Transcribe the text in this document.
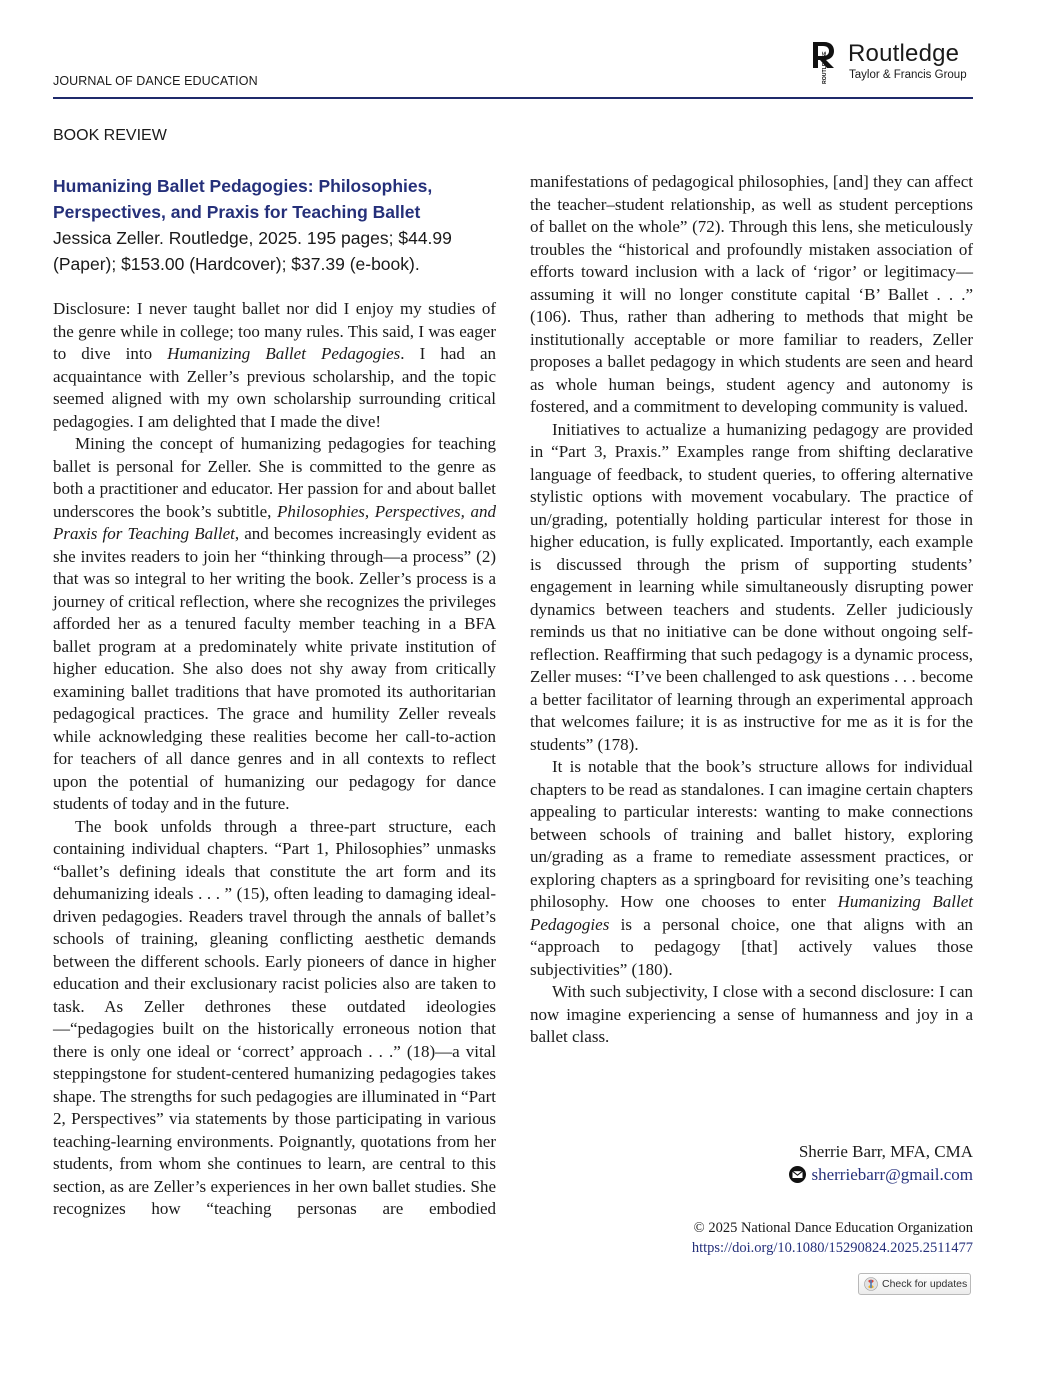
JOURNAL OF DANCE EDUCATION	ROUTLEDGE Routledge
Taylor & Francis Group
BOOK REVIEW
Humanizing Ballet Pedagogies: Philosophies,
Perspectives, and Praxis for Teaching Ballet
Jessica Zeller. Routledge, 2025. 195 pages; $44.99
(Paper); $153.00 (Hardcover); $37.39 (e-book).

Disclosure: I never taught ballet nor did I enjoy my studies of the genre while in college; too many rules. This said, I was eager to dive into Humanizing Ballet Pedagogies. I had an acquaintance with Zeller’s previous scholarship, and the topic seemed aligned with my own scholarship surrounding critical pedagogies. I am delighted that I made the dive!

Mining the concept of humanizing pedagogies for teaching ballet is personal for Zeller. She is committed to the genre as both a practitioner and educator. Her passion for and about ballet underscores the book’s subtitle, Philosophies, Perspectives, and Praxis for Teaching Ballet, and becomes increasingly evident as she invites readers to join her “thinking through—a process” (2) that was so integral to her writing the book. Zeller’s process is a journey of critical reflection, where she recognizes the privileges afforded her as a tenured faculty member teaching in a BFA ballet program at a predominately white private institution of higher education. She also does not shy away from critically examining ballet traditions that have promoted its authoritarian pedagogical practices. The grace and humility Zeller reveals while acknowledging these realities become her call-to-action for teachers of all dance genres and in all contexts to reflect upon the potential of humanizing our pedagogy for dance students of today and in the future.

The book unfolds through a three-part structure, each containing individual chapters. “Part 1, Philosophies” unmasks “ballet’s defining ideals that constitute the art form and its dehumanizing ideals . . . ” (15), often leading to damaging ideal-driven pedagogies. Readers travel through the annals of ballet’s schools of training, gleaning conflicting aesthetic demands between the different schools. Early pioneers of dance in higher education and their exclusionary racist policies also are taken to task. As Zeller dethrones these outdated ideologies—“pedagogies built on the historically erroneous notion that there is only one ideal or ‘correct’ approach . . .” (18)—a vital steppingstone for student-centered humanizing pedagogies takes shape. The strengths for such pedagogies are illuminated in “Part 2, Perspectives” via statements by those participating in various teaching-learning environments. Poignantly, quotations from her students, from whom she continues to learn, are central to this section, as are Zeller’s experiences in her own ballet studies. She recognizes how “teaching personas are embodied

manifestations of pedagogical philosophies, [and] they can affect the teacher–student relationship, as well as student perceptions of ballet on the whole” (72). Through this lens, she meticulously troubles the “historical and profoundly mistaken association of efforts toward inclusion with a lack of ‘rigor’ or legitimacy—assuming it will no longer constitute capital ‘B’ Ballet . . .” (106). Thus, rather than adhering to methods that might be institutionally acceptable or more familiar to readers, Zeller proposes a ballet pedagogy in which students are seen and heard as whole human beings, student agency and autonomy is fostered, and a commitment to developing community is valued.

Initiatives to actualize a humanizing pedagogy are provided in “Part 3, Praxis.” Examples range from shifting declarative language of feedback, to student queries, to offering alternative stylistic options with movement vocabulary. The practice of un/grading, potentially holding particular interest for those in higher education, is fully explicated. Importantly, each example is discussed through the prism of supporting students’ engagement in learning while simultaneously disrupting power dynamics between teachers and students. Zeller judiciously reminds us that no initiative can be done without ongoing self-reflection. Reaffirming that such pedagogy is a dynamic process, Zeller muses: “I’ve been challenged to ask questions . . . become a better facilitator of learning through an experimental approach that welcomes failure; it is as instructive for me as it is for the students” (178).

It is notable that the book’s structure allows for individual chapters to be read as standalones. I can imagine certain chapters appealing to particular interests: wanting to make connections between schools of training and ballet history, exploring un/grading as a frame to remediate assessment practices, or exploring chapters as a springboard for revisiting one’s teaching philosophy. How one chooses to enter Humanizing Ballet Pedagogies is a personal choice, one that aligns with an “approach to pedagogy [that] actively values those subjectivities” (180).

With such subjectivity, I close with a second disclosure: I can now imagine experiencing a sense of humanness and joy in a ballet class.

Sherrie Barr, MFA, CMA
sherriebarr@gmail.com
© 2025 National Dance Education Organization
https://doi.org/10.1080/15290824.2025.2511477
Check for updates
